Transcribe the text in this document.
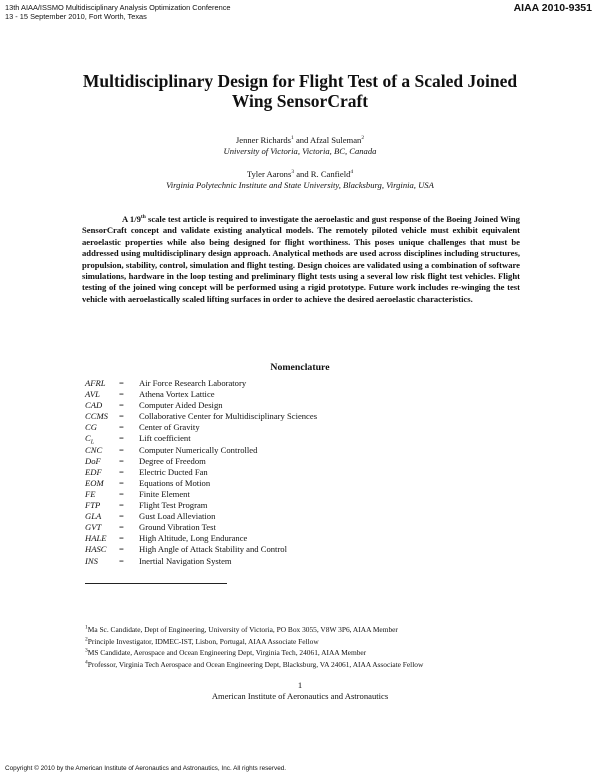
13th AIAA/ISSMO Multidisciplinary Analysis Optimization Conference
13 - 15 September 2010, Fort Worth, Texas
AIAA 2010-9351
Multidisciplinary Design for Flight Test of a Scaled Joined
Wing SensorCraft
Jenner Richards$^1$ and Afzal Suleman$^2$
University of Victoria, Victoria, BC, Canada
Tyler Aarons$^3$ and R. Canfield$^4$
Virginia Polytechnic Institute and State University, Blacksburg, Virginia, USA

A 1/9th scale test article is required to investigate the aeroelastic and gust response of the Boeing Joined Wing SensorCraft concept and validate existing analytical models. The remotely piloted vehicle must exhibit equivalent aeroelastic properties while also being designed for flight worthiness. This poses unique challenges that must be addressed using multidisciplinary design approach. Analytical methods are used across disciplines including structures, propulsion, stability, control, simulation and flight testing. Design choices are validated using a combination of software simulations, hardware in the loop testing and preliminary flight tests using a several low risk flight test vehicles. Flight testing of the joined wing concept will be performed using a rigid prototype. Future work includes re-winging the test vehicle with aeroelastically scaled lifting surfaces in order to achieve the desired aeroelastic characteristics.

Nomenclature
AFRL = Air Force Research Laboratory
AVL = Athena Vortex Lattice
CAD = Computer Aided Design
CCMS = Collaborative Center for Multidisciplinary Sciences
CG	= Center of Gravity
$C_L$	= Lift coefficient
CNC = Computer Numerically Controlled
DoF = Degree of Freedom
EDF = Electric Ducted Fan
EOM = Equations of Motion
FE	= Finite Element
FTP = Flight Test Program
GLA = Gust Load Alleviation
GVT = Ground Vibration Test
HALE = High Altitude, Long Endurance
HASC = High Angle of Attack Stability and Control
INS = Inertial Navigation System
$^1$Ma Sc. Candidate, Dept of Engineering, University of Victoria, PO Box 3055, V8W 3P6, AIAA Member
$^2$Principle Investigator, IDMEC-IST, Lisbon, Portugal, AIAA Associate Fellow
$^3$MS Candidate, Aerospace and Ocean Engineering Dept, Virginia Tech, 24061, AIAA Member
$^4$Professor, Virginia Tech Aerospace and Ocean Engineering Dept, Blacksburg, VA 24061, AIAA Associate Fellow
1
American Institute of Aeronautics and Astronautics
Copyright © 2010 by the American Institute of Aeronautics and Astronautics, Inc. All rights reserved.
